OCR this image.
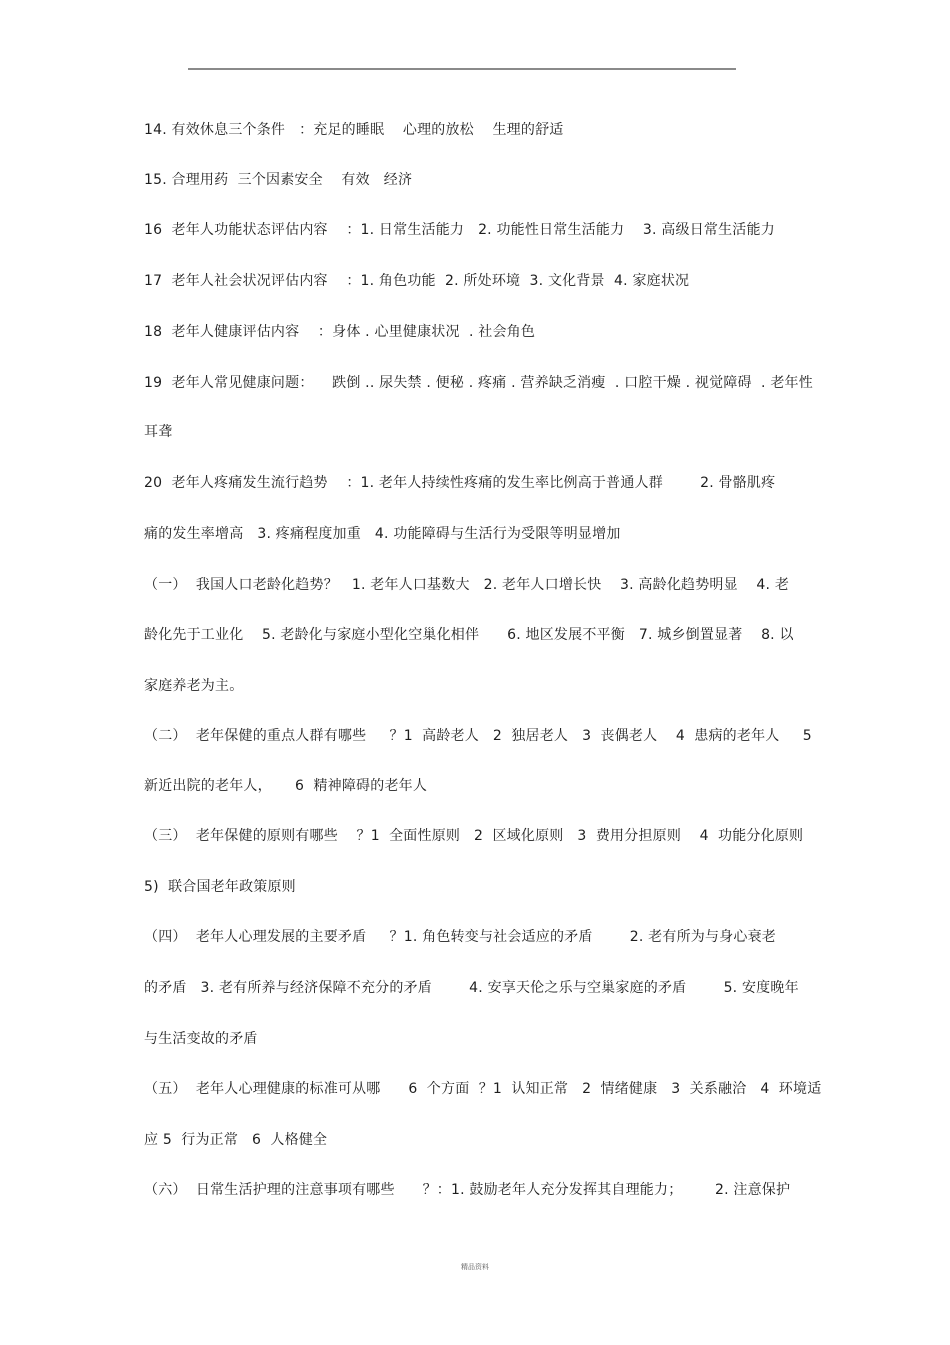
14. 有效休息三个条件   ：充足的睡眠    心理的放松    生理的舒适
15. 合理用药  三个因素安全    有效   经济
16  老年人功能状态评估内容    ：1. 日常生活能力   2. 功能性日常生活能力    3. 高级日常生活能力
17  老年人社会状况评估内容    ：1. 角色功能  2. 所处环境  3. 文化背景  4. 家庭状况
18  老年人健康评估内容    ：身体 . 心里健康状况  . 社会角色
19  老年人常见健康问题：    跌倒 .. 尿失禁 . 便秘 . 疼痛 . 营养缺乏消瘦  . 口腔干燥 . 视觉障碍  . 老年性
耳聋
20  老年人疼痛发生流行趋势    ：1. 老年人持续性疼痛的发生率比例高于普通人群        2. 骨骼肌疼
痛的发生率增高   3. 疼痛程度加重   4. 功能障碍与生活行为受限等明显增加
（一）  我国人口老龄化趋势？   1. 老年人口基数大   2. 老年人口增长快    3. 高龄化趋势明显    4. 老
龄化先于工业化    5. 老龄化与家庭小型化空巢化相伴      6. 地区发展不平衡   7. 城乡倒置显著    8. 以
家庭养老为主。
（二）  老年保健的重点人群有哪些     ？1  高龄老人   2  独居老人   3  丧偶老人    4  患病的老年人     5
新近出院的老年人，     6  精神障碍的老年人
（三）  老年保健的原则有哪些    ？1  全面性原则   2  区域化原则   3  费用分担原则    4  功能分化原则
5)  联合国老年政策原则
（四）  老年人心理发展的主要矛盾     ？1. 角色转变与社会适应的矛盾        2. 老有所为与身心衰老
的矛盾   3. 老有所养与经济保障不充分的矛盾        4. 安享天伦之乐与空巢家庭的矛盾        5. 安度晚年
与生活变故的矛盾
（五）  老年人心理健康的标准可从哪      6  个方面  ？1  认知正常   2  情绪健康   3  关系融洽   4  环境适
应 5  行为正常   6  人格健全
（六）  日常生活护理的注意事项有哪些      ？：1. 鼓励老年人充分发挥其自理能力；       2. 注意保护
精品资料
